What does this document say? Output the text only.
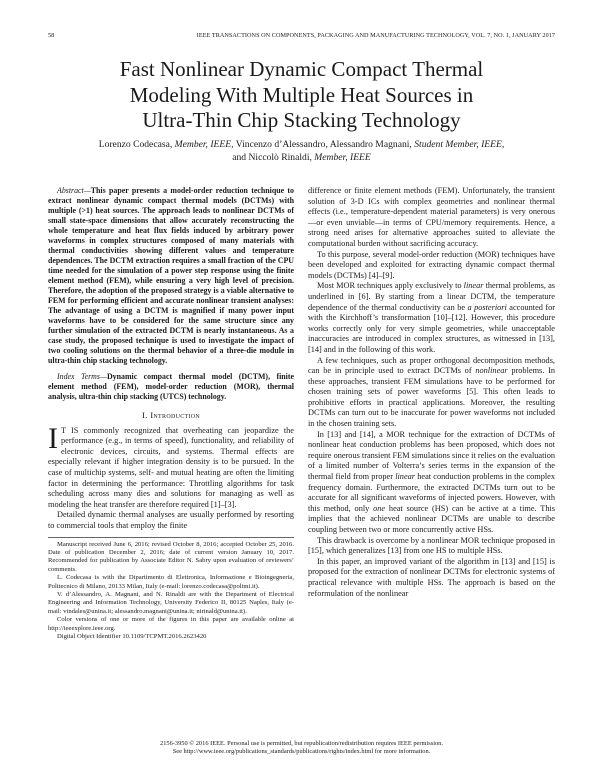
58	IEEE TRANSACTIONS ON COMPONENTS, PACKAGING AND MANUFACTURING TECHNOLOGY, VOL. 7, NO. 1, JANUARY 2017
Fast Nonlinear Dynamic Compact Thermal
Modeling With Multiple Heat Sources in
Ultra-Thin Chip Stacking Technology
Lorenzo Codecasa, Member, IEEE, Vincenzo d’Alessandro, Alessandro Magnani, Student Member, IEEE,
and Niccolò Rinaldi, Member, IEEE

Abstract—This paper presents a model-order reduction technique to extract nonlinear dynamic compact thermal models (DCTMs) with multiple (>1) heat sources. The approach leads to nonlinear DCTMs of small state-space dimensions that allow accurately reconstructing the whole temperature and heat flux fields induced by arbitrary power waveforms in complex structures composed of many materials with thermal conductivities showing different values and temperature dependences. The DCTM extraction requires a small fraction of the CPU time needed for the simulation of a power step response using the finite element method (FEM), while ensuring a very high level of precision. Therefore, the adoption of the proposed strategy is a viable alternative to FEM for performing efficient and accurate nonlinear transient analyses: The advantage of using a DCTM is magnified if many power input waveforms have to be considered for the same structure since any further simulation of the extracted DCTM is nearly instantaneous. As a case study, the proposed technique is used to investigate the impact of two cooling solutions on the thermal behavior of a three-die module in ultra-thin chip stacking technology.

Index Terms—Dynamic compact thermal model (DCTM), finite element method (FEM), model-order reduction (MOR), thermal analysis, ultra-thin chip stacking (UTCS) technology.

I. Introduction

IT IS commonly recognized that overheating can jeopardize the performance (e.g., in terms of speed), functionality, and reliability of electronic devices, circuits, and systems. Thermal effects are especially relevant if higher integration density is to be pursued. In the case of multichip systems, self- and mutual heating are often the limiting factor in determining the performance: Throttling algorithms for task scheduling across many dies and solutions for managing as well as modeling the heat transfer are therefore required [1]–[3].

Detailed dynamic thermal analyses are usually performed by resorting to commercial tools that employ the finite

Manuscript received June 6, 2016; revised October 8, 2016; accepted October 25, 2016. Date of publication December 2, 2016; date of current version January 10, 2017. Recommended for publication by Associate Editor N. Sabry upon evaluation of reviewers’ comments.

L. Codecasa is with the Dipartimento di Elettronica, Informazione e Bioingegneria, Politecnico di Milano, 20133 Milan, Italy (e-mail: lorenzo.codecasa@polimi.it).

V. d’Alessandro, A. Magnani, and N. Rinaldi are with the Department of Electrical Engineering and Information Technology, University Federico II, 80125 Naples, Italy (e-mail: vindales@unina.it; alessandro.magnani@unina.it; nirinald@unina.it).

Color versions of one or more of the figures in this paper are available online at http://ieeexplore.ieee.org.

Digital Object Identifier 10.1109/TCPMT.2016.2623420

difference or finite element methods (FEM). Unfortunately, the transient solution of 3-D ICs with complex geometries and nonlinear thermal effects (i.e., temperature-dependent material parameters) is very onerous—or even unviable—in terms of CPU/memory requirements. Hence, a strong need arises for alternative approaches suited to alleviate the computational burden without sacrificing accuracy.

To this purpose, several model-order reduction (MOR) techniques have been developed and exploited for extracting dynamic compact thermal models (DCTMs) [4]–[9].

Most MOR techniques apply exclusively to linear thermal problems, as underlined in [6]. By starting from a linear DCTM, the temperature dependence of the thermal conductivity can be a posteriori accounted for with the Kirchhoff’s transformation [10]–[12]. However, this procedure works correctly only for very simple geometries, while unacceptable inaccuracies are introduced in complex structures, as witnessed in [13], [14] and in the following of this work.

A few techniques, such as proper orthogonal decomposition methods, can be in principle used to extract DCTMs of nonlinear problems. In these approaches, transient FEM simulations have to be performed for chosen training sets of power waveforms [5]. This often leads to prohibitive efforts in practical applications. Moreover, the resulting DCTMs can turn out to be inaccurate for power waveforms not included in the chosen training sets.

In [13] and [14], a MOR technique for the extraction of DCTMs of nonlinear heat conduction problems has been proposed, which does not require onerous transient FEM simulations since it relies on the evaluation of a limited number of Volterra’s series terms in the expansion of the thermal field from proper linear heat conduction problems in the complex frequency domain. Furthermore, the extracted DCTMs turn out to be accurate for all significant waveforms of injected powers. However, with this method, only one heat source (HS) can be active at a time. This implies that the achieved nonlinear DCTMs are unable to describe coupling between two or more concurrently active HSs.

This drawback is overcome by a nonlinear MOR technique proposed in [15], which generalizes [13] from one HS to multiple HSs.

In this paper, an improved variant of the algorithm in [13] and [15] is proposed for the extraction of nonlinear DCTMs for electronic systems of practical relevance with multiple HSs. The approach is based on the reformulation of the nonlinear

2156-3950 © 2016 IEEE. Personal use is permitted, but republication/redistribution requires IEEE permission.
See http://www.ieee.org/publications_standards/publications/rights/index.html for more information.
